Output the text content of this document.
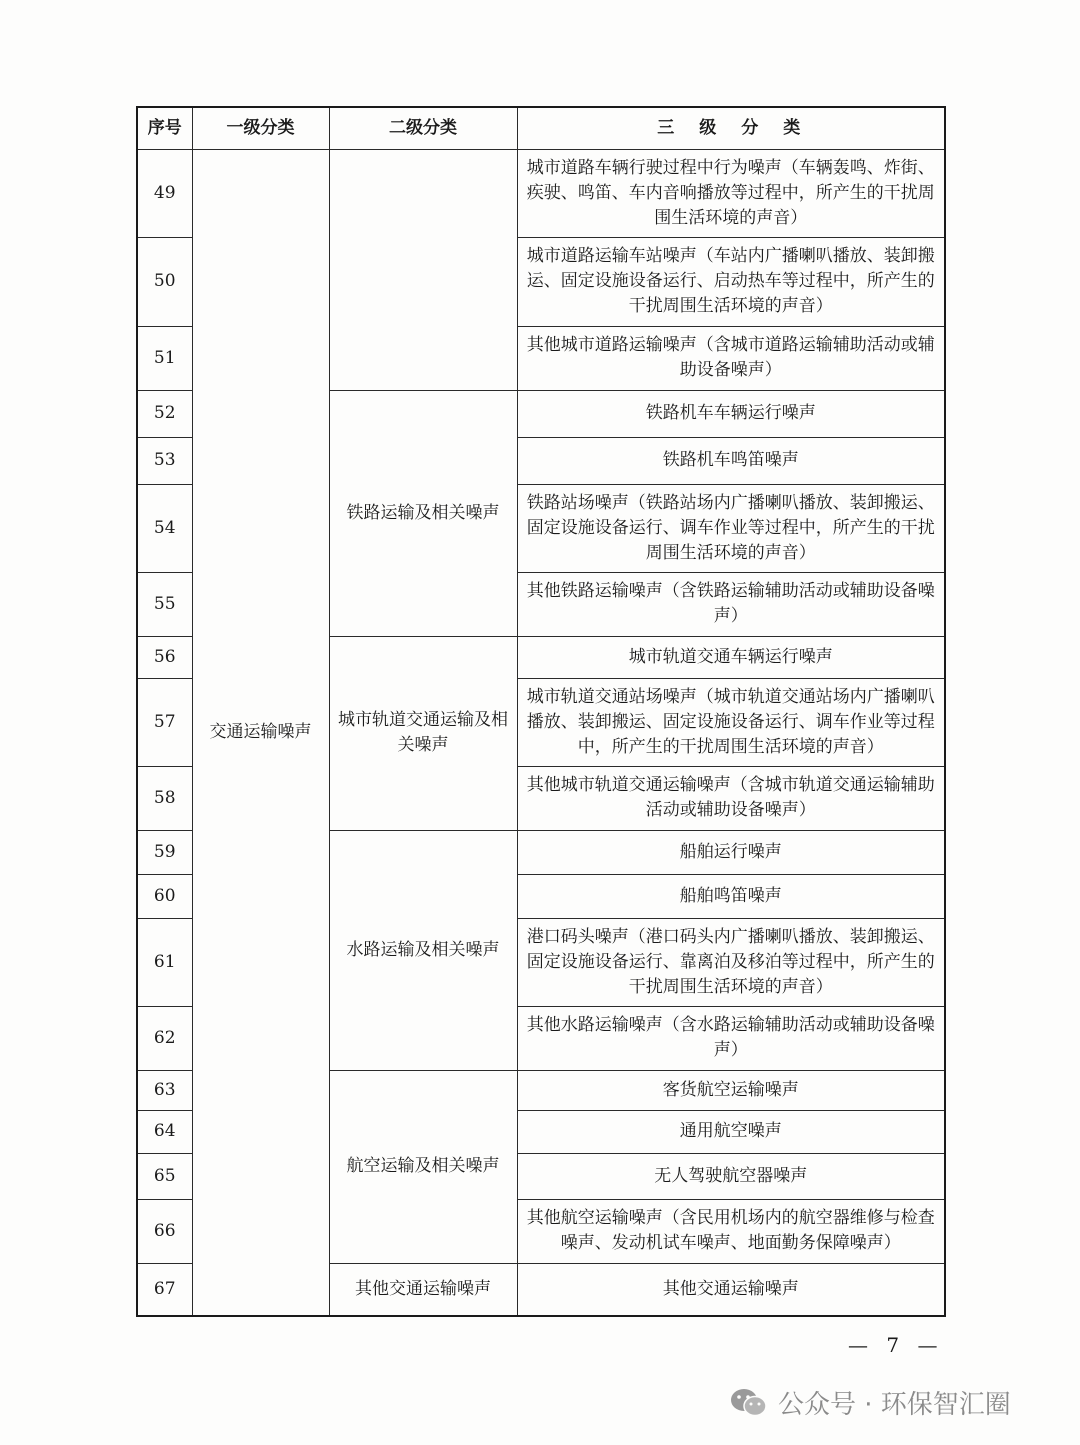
序号	一级分类	二级分类	三　级　分　类
49	交通运输噪声		城市道路车辆行驶过程中行为噪声（车辆轰鸣、炸街、疾驶、鸣笛、车内音响播放等过程中，所产生的干扰周围生活环境的声音）
50			城市道路运输车站噪声（车站内广播喇叭播放、装卸搬运、固定设施设备运行、启动热车等过程中，所产生的干扰周围生活环境的声音）
51			其他城市道路运输噪声（含城市道路运输辅助活动或辅助设备噪声）
52		铁路运输及相关噪声	铁路机车车辆运行噪声
53			铁路机车鸣笛噪声
54			铁路站场噪声（铁路站场内广播喇叭播放、装卸搬运、固定设施设备运行、调车作业等过程中，所产生的干扰周围生活环境的声音）
55			其他铁路运输噪声（含铁路运输辅助活动或辅助设备噪声）
56		城市轨道交通运输及相关噪声	城市轨道交通车辆运行噪声
57			城市轨道交通站场噪声（城市轨道交通站场内广播喇叭播放、装卸搬运、固定设施设备运行、调车作业等过程中，所产生的干扰周围生活环境的声音）
58			其他城市轨道交通运输噪声（含城市轨道交通运输辅助活动或辅助设备噪声）
59		水路运输及相关噪声	船舶运行噪声
60			船舶鸣笛噪声
61			港口码头噪声（港口码头内广播喇叭播放、装卸搬运、固定设施设备运行、靠离泊及移泊等过程中，所产生的干扰周围生活环境的声音）
62			其他水路运输噪声（含水路运输辅助活动或辅助设备噪声）
63		航空运输及相关噪声	客货航空运输噪声
64			通用航空噪声
65			无人驾驶航空器噪声
66			其他航空运输噪声（含民用机场内的航空器维修与检查噪声、发动机试车噪声、地面勤务保障噪声）
67		其他交通运输噪声	其他交通运输噪声
— 7 —
公众号 · 环保智汇圈
